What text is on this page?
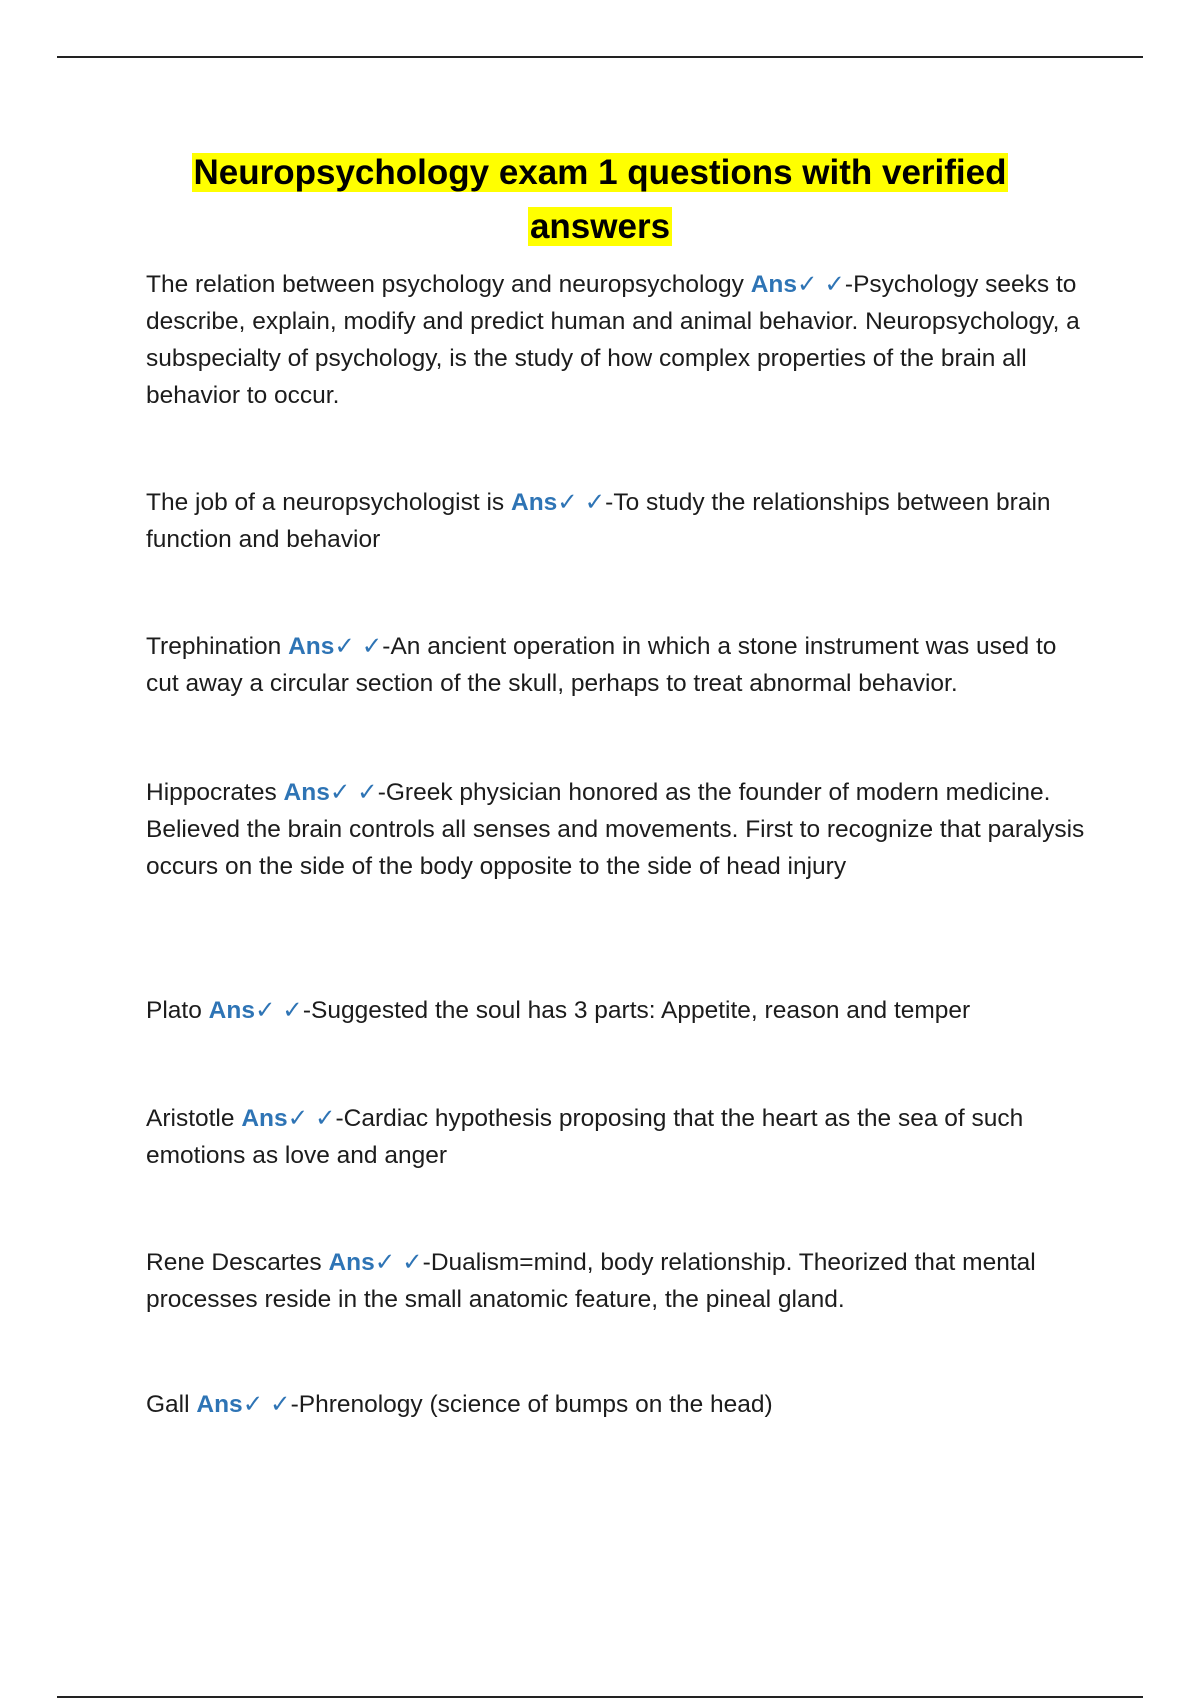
Neuropsychology exam 1 questions with verified
answers

The relation between psychology and neuropsychology Ans✓ ✓-Psychology seeks to describe, explain, modify and predict human and animal behavior. Neuropsychology, a subspecialty of psychology, is the study of how complex properties of the brain all behavior to occur.

The job of a neuropsychologist is Ans✓ ✓-To study the relationships between brain function and behavior

Trephination Ans✓ ✓-An ancient operation in which a stone instrument was used to cut away a circular section of the skull, perhaps to treat abnormal behavior.

Hippocrates Ans✓ ✓-Greek physician honored as the founder of modern medicine. Believed the brain controls all senses and movements. First to recognize that paralysis occurs on the side of the body opposite to the side of head injury

Plato Ans✓ ✓-Suggested the soul has 3 parts: Appetite, reason and temper

Aristotle Ans✓ ✓-Cardiac hypothesis proposing that the heart as the sea of such emotions as love and anger

Rene Descartes Ans✓ ✓-Dualism=mind, body relationship. Theorized that mental processes reside in the small anatomic feature, the pineal gland.

Gall Ans✓ ✓-Phrenology (science of bumps on the head)
